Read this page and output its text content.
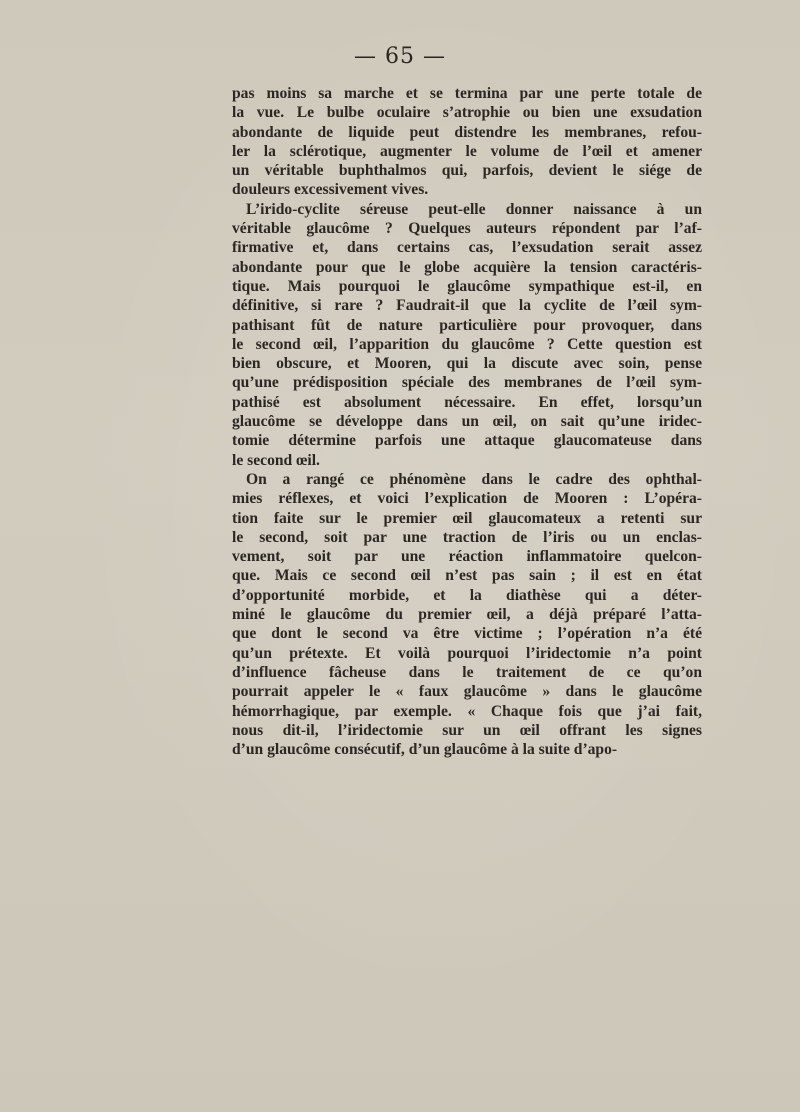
— 65 —
pas moins sa marche et se termina par une perte totale de
la vue. Le bulbe oculaire s’atrophie ou bien une exsudation
abondante de liquide peut distendre les membranes, refou-
ler la sclérotique, augmenter le volume de l’œil et amener
un véritable buphthalmos qui, parfois, devient le siége de
douleurs excessivement vives.
L’irido-cyclite séreuse peut-elle donner naissance à un
véritable glaucôme ? Quelques auteurs répondent par l’af-
firmative et, dans certains cas, l’exsudation serait assez
abondante pour que le globe acquière la tension caractéris-
tique. Mais pourquoi le glaucôme sympathique est-il, en
définitive, si rare ? Faudrait-il que la cyclite de l’œil sym-
pathisant fût de nature particulière pour provoquer, dans
le second œil, l’apparition du glaucôme ? Cette question est
bien obscure, et Mooren, qui la discute avec soin, pense
qu’une prédisposition spéciale des membranes de l’œil sym-
pathisé est absolument nécessaire. En effet, lorsqu’un
glaucôme se développe dans un œil, on sait qu’une iridec-
tomie détermine parfois une attaque glaucomateuse dans
le second œil.
On a rangé ce phénomène dans le cadre des ophthal-
mies réflexes, et voici l’explication de Mooren : L’opéra-
tion faite sur le premier œil glaucomateux a retenti sur
le second, soit par une traction de l’iris ou un enclas-
vement, soit par une réaction inflammatoire quelcon-
que. Mais ce second œil n’est pas sain ; il est en état
d’opportunité morbide, et la diathèse qui a déter-
miné le glaucôme du premier œil, a déjà préparé l’atta-
que dont le second va être victime ; l’opération n’a été
qu’un prétexte. Et voilà pourquoi l’iridectomie n’a point
d’influence fâcheuse dans le traitement de ce qu’on
pourrait appeler le « faux glaucôme » dans le glaucôme
hémorrhagique, par exemple. « Chaque fois que j’ai fait,
nous dit-il, l’iridectomie sur un œil offrant les signes
d’un glaucôme consécutif, d’un glaucôme à la suite d’apo-
